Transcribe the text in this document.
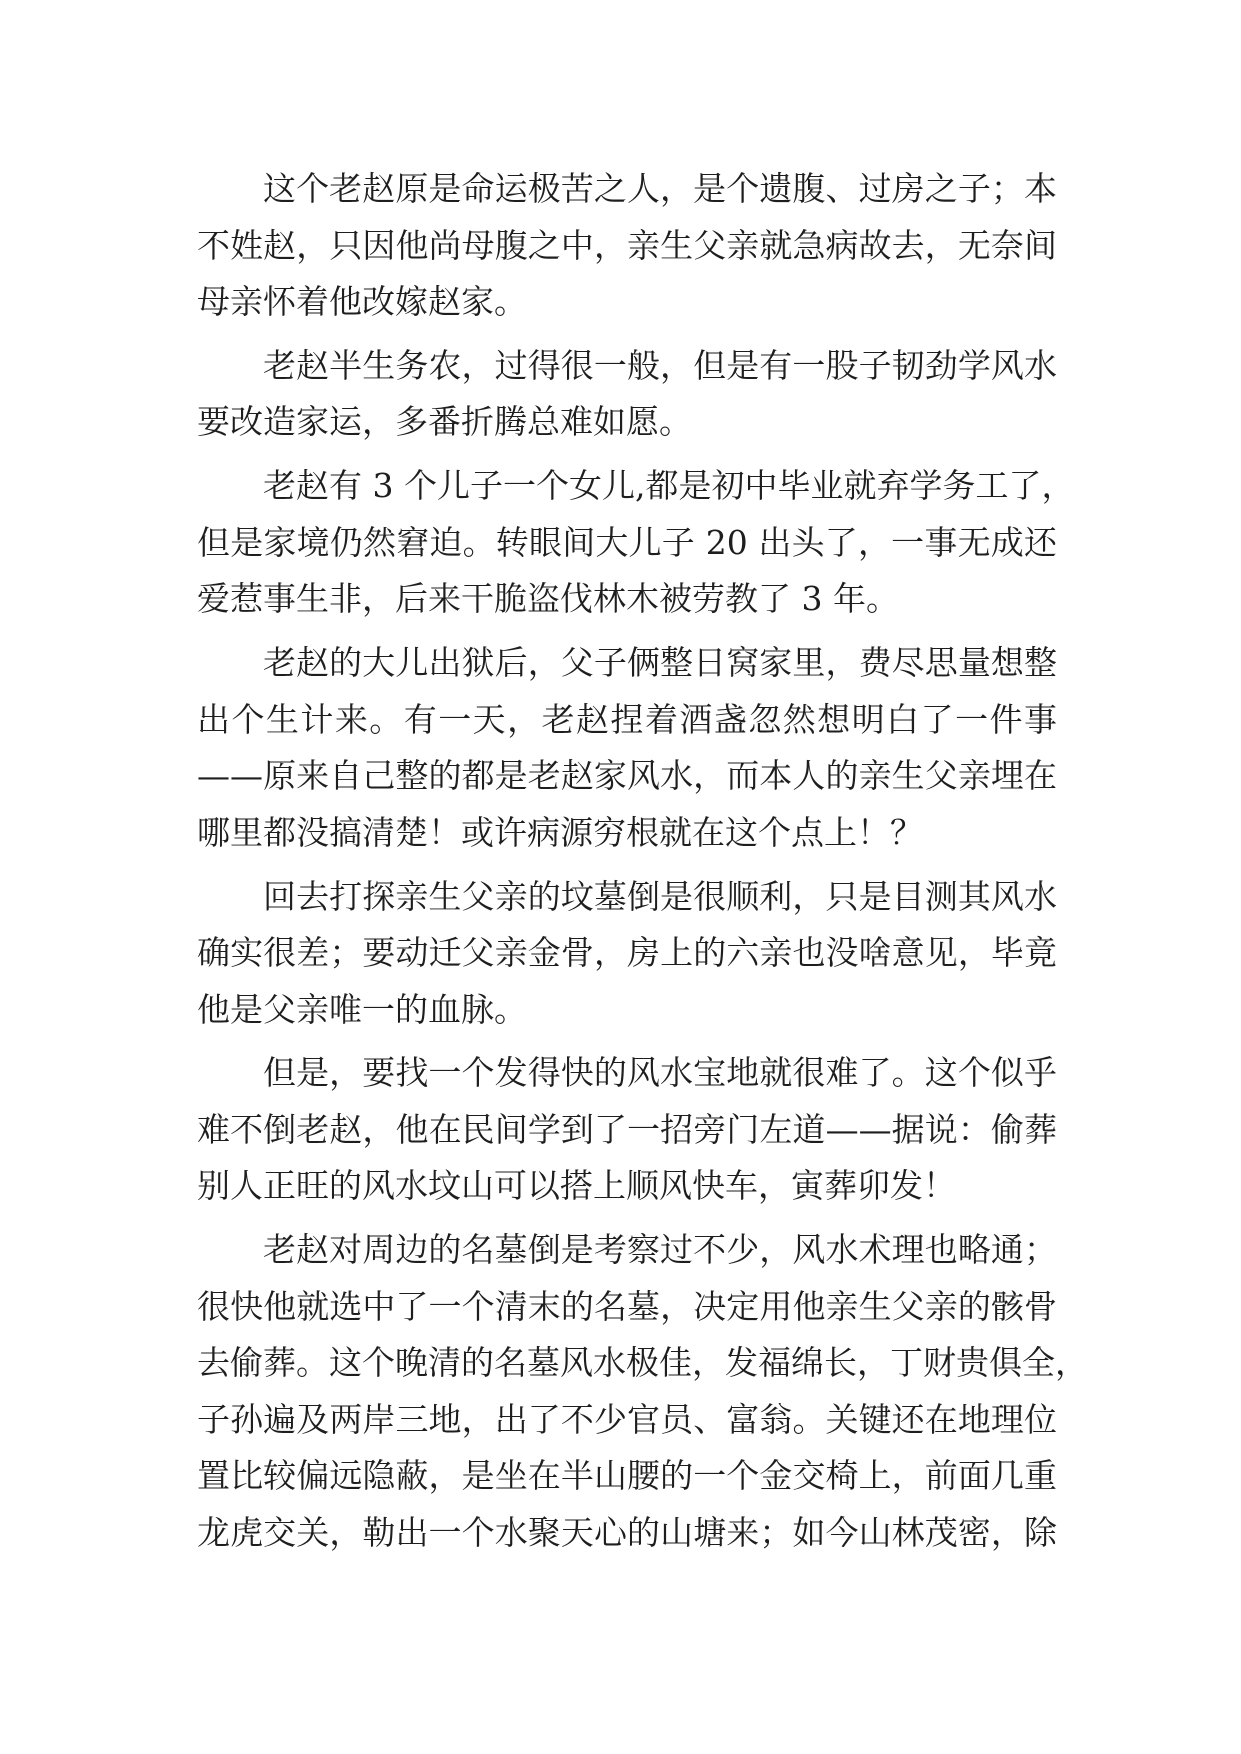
这个老赵原是命运极苦之人，是个遗腹、过房之子；本
不姓赵，只因他尚母腹之中，亲生父亲就急病故去，无奈间
母亲怀着他改嫁赵家。
老赵半生务农，过得很一般，但是有一股子韧劲学风水
要改造家运，多番折腾总难如愿。
老赵有 3 个儿子一个女儿,都是初中毕业就弃学务工了，
但是家境仍然窘迫。转眼间大儿子 20 出头了，一事无成还
爱惹事生非，后来干脆盗伐林木被劳教了 3 年。
老赵的大儿出狱后，父子俩整日窝家里，费尽思量想整
出个生计来。有一天，老赵捏着酒盏忽然想明白了一件事
——原来自己整的都是老赵家风水，而本人的亲生父亲埋在
哪里都没搞清楚！或许病源穷根就在这个点上！？
回去打探亲生父亲的坟墓倒是很顺利，只是目测其风水
确实很差；要动迁父亲金骨，房上的六亲也没啥意见，毕竟
他是父亲唯一的血脉。
但是，要找一个发得快的风水宝地就很难了。这个似乎
难不倒老赵，他在民间学到了一招旁门左道——据说：偷葬
别人正旺的风水坟山可以搭上顺风快车，寅葬卯发！
老赵对周边的名墓倒是考察过不少，风水术理也略通；
很快他就选中了一个清末的名墓，决定用他亲生父亲的骸骨
去偷葬。这个晚清的名墓风水极佳，发福绵长，丁财贵俱全，
子孙遍及两岸三地，出了不少官员、富翁。关键还在地理位
置比较偏远隐蔽，是坐在半山腰的一个金交椅上，前面几重
龙虎交关，勒出一个水聚天心的山塘来；如今山林茂密，除
